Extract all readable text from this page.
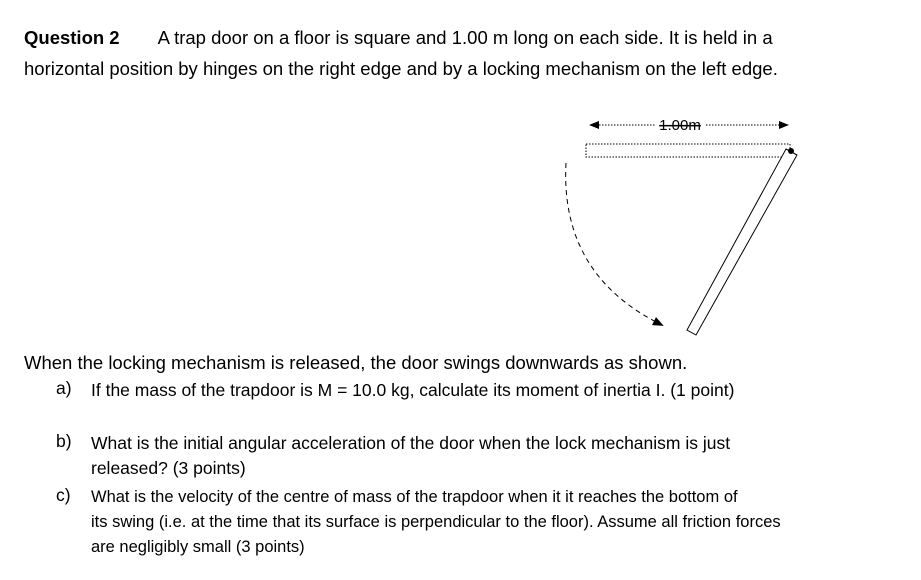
Question 2 A trap door on a floor is square and 1.00 m long on each side. It is held in a
horizontal position by hinges on the right edge and by a locking mechanism on the left edge.
1.00m
When the locking mechanism is released, the door swings downwards as shown.
a) If the mass of the trapdoor is M = 10.0 kg, calculate its moment of inertia I. (1 point)
b) What is the initial angular acceleration of the door when the lock mechanism is just
released? (3 points)
c) What is the velocity of the centre of mass of the trapdoor when it it reaches the bottom of
its swing (i.e. at the time that its surface is perpendicular to the floor). Assume all friction forces
are negligibly small (3 points)
